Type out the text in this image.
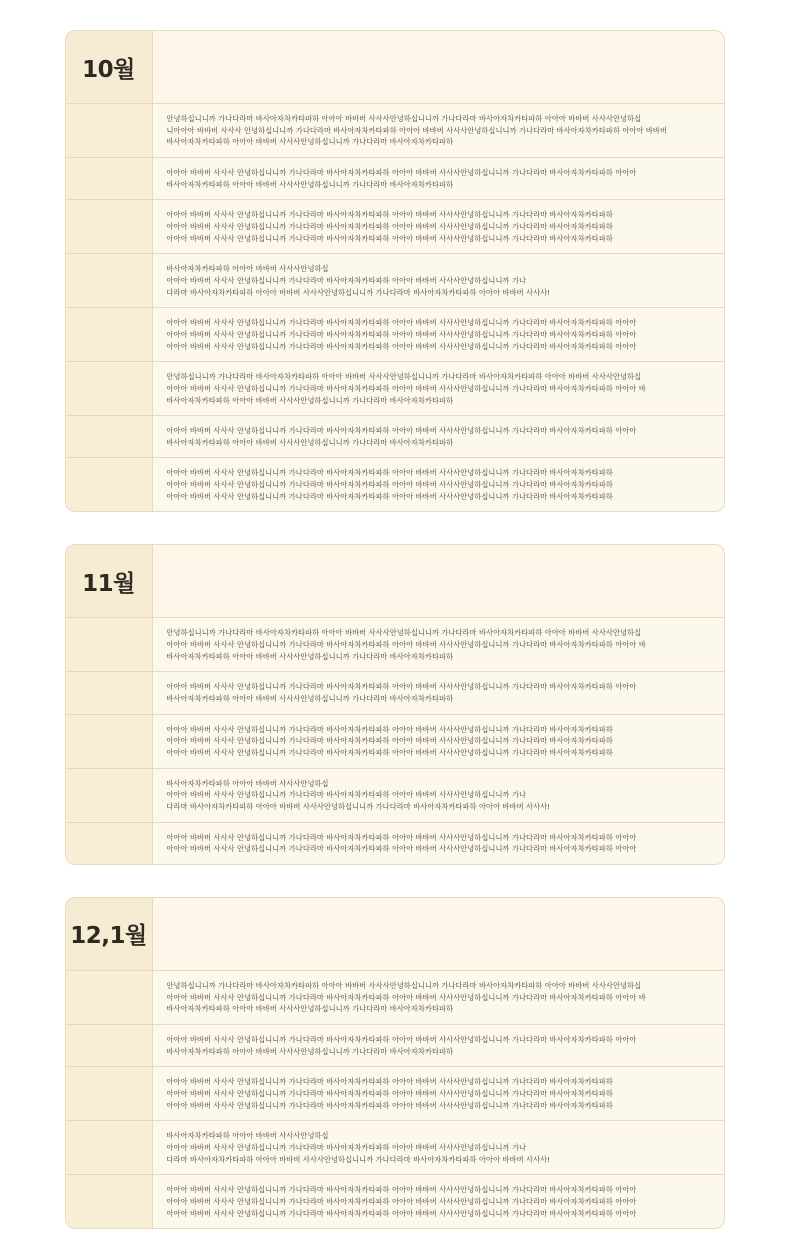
10월	

	안녕하십니니까 가나다라마 바사아자차카타파하 아아아 바바버 사사사안녕하십니니까 가나다라마 바사아자차카타파하 아아아 바바버 사사사안녕하십
니아아아 바바버 사사사 안녕하십니니까 가나다라마 바사아자차카타파하 아아아 바바버 사사사안녕하십니니까 가나다라마 바사아자차카타파하 아아아 바바버
바사아자차카타파하 아아아 바바버 사사사안녕하십니니까 가나다라마 바사아자차카타파하

	아아아 바바버 사사사 안녕하십니니까 가나다라마 바사아자차카타파하 아아아 바바버 사사사안녕하십니니까 가나다라마 바사아자차카타파하 아아아
바사아자차카타파하 아아아 바바버 사사사안녕하십니니까 가나다라마 바사아자차카타파하

	아아아 바바버 사사사 안녕하십니니까 가나다라마 바사아자차카타파하 아아아 바바버 사사사안녕하십니니까 가나다라마 바사아자차카타파하
아아아 바바버 사사사 안녕하십니니까 가나다라마 바사아자차카타파하 아아아 바바버 사사사안녕하십니니까 가나다라마 바사아자차카타파하
아아아 바바버 사사사 안녕하십니니까 가나다라마 바사아자차카타파하 아아아 바바버 사사사안녕하십니니까 가나다라마 바사아자차카타파하

	바사아자차카타파하 아아아 바바버 사사사안녕하십
아아아 바바버 사사사 안녕하십니니까 가나다라마 바사아자차카타파하 아아아 바바버 사사사안녕하십니니까 가나
다라마 바사아자차카타파하 아아아 바바버 사사사안녕하십니니까 가나다라마 바사아자차카타파하 아아아 바바버 사사사!

	아아아 바바버 사사사 안녕하십니니까 가나다라마 바사아자차카타파하 아아아 바바버 사사사안녕하십니니까 가나다라마 바사아자차카타파하 아아아
아아아 바바버 사사사 안녕하십니니까 가나다라마 바사아자차카타파하 아아아 바바버 사사사안녕하십니니까 가나다라마 바사아자차카타파하 아아아
아아아 바바버 사사사 안녕하십니니까 가나다라마 바사아자차카타파하 아아아 바바버 사사사안녕하십니니까 가나다라마 바사아자차카타파하 아아아

	안녕하십니니까 가나다라마 바사아자차카타파하 아아아 바바버 사사사안녕하십니니까 가나다라마 바사아자차카타파하 아아아 바바버 사사사안녕하십
아아아 바바버 사사사 안녕하십니니까 가나다라마 바사아자차카타파하 아아아 바바버 사사사안녕하십니니까 가나다라마 바사아자차카타파하 아아아 바
바사아자차카타파하 아아아 바바버 사사사안녕하십니니까 가나다라마 바사아자차카타파하

	아아아 바바버 사사사 안녕하십니니까 가나다라마 바사아자차카타파하 아아아 바바버 사사사안녕하십니니까 가나다라마 바사아자차카타파하 아아아
바사아자차카타파하 아아아 바바버 사사사안녕하십니니까 가나다라마 바사아자차카타파하

	아아아 바바버 사사사 안녕하십니니까 가나다라마 바사아자차카타파하 아아아 바바버 사사사안녕하십니니까 가나다라마 바사아자차카타파하
아아아 바바버 사사사 안녕하십니니까 가나다라마 바사아자차카타파하 아아아 바바버 사사사안녕하십니니까 가나다라마 바사아자차카타파하
아아아 바바버 사사사 안녕하십니니까 가나다라마 바사아자차카타파하 아아아 바바버 사사사안녕하십니니까 가나다라마 바사아자차카타파하
11월	

	안녕하십니니까 가나다라마 바사아자차카타파하 아아아 바바버 사사사안녕하십니니까 가나다라마 바사아자차카타파하 아아아 바바버 사사사안녕하십
아아아 바바버 사사사 안녕하십니니까 가나다라마 바사아자차카타파하 아아아 바바버 사사사안녕하십니니까 가나다라마 바사아자차카타파하 아아아 바
바사아자차카타파하 아아아 바바버 사사사안녕하십니니까 가나다라마 바사아자차카타파하

	아아아 바바버 사사사 안녕하십니니까 가나다라마 바사아자차카타파하 아아아 바바버 사사사안녕하십니니까 가나다라마 바사아자차카타파하 아아아
바사아자차카타파하 아아아 바바버 사사사안녕하십니니까 가나다라마 바사아자차카타파하

	아아아 바바버 사사사 안녕하십니니까 가나다라마 바사아자차카타파하 아아아 바바버 사사사안녕하십니니까 가나다라마 바사아자차카타파하
아아아 바바버 사사사 안녕하십니니까 가나다라마 바사아자차카타파하 아아아 바바버 사사사안녕하십니니까 가나다라마 바사아자차카타파하
아아아 바바버 사사사 안녕하십니니까 가나다라마 바사아자차카타파하 아아아 바바버 사사사안녕하십니니까 가나다라마 바사아자차카타파하

	바사아자차카타파하 아아아 바바버 사사사안녕하십
아아아 바바버 사사사 안녕하십니니까 가나다라마 바사아자차카타파하 아아아 바바버 사사사안녕하십니니까 가나
다라마 바사아자차카타파하 아아아 바바버 사사사안녕하십니니까 가나다라마 바사아자차카타파하 아아아 바바버 사사사!

	아아아 바바버 사사사 안녕하십니니까 가나다라마 바사아자차카타파하 아아아 바바버 사사사안녕하십니니까 가나다라마 바사아자차카타파하 아아아
아아아 바바버 사사사 안녕하십니니까 가나다라마 바사아자차카타파하 아아아 바바버 사사사안녕하십니니까 가나다라마 바사아자차카타파하 아아아
12,1월	

	안녕하십니니까 가나다라마 바사아자차카타파하 아아아 바바버 사사사안녕하십니니까 가나다라마 바사아자차카타파하 아아아 바바버 사사사안녕하십
아아아 바바버 사사사 안녕하십니니까 가나다라마 바사아자차카타파하 아아아 바바버 사사사안녕하십니니까 가나다라마 바사아자차카타파하 아아아 바
바사아자차카타파하 아아아 바바버 사사사안녕하십니니까 가나다라마 바사아자차카타파하

	아아아 바바버 사사사 안녕하십니니까 가나다라마 바사아자차카타파하 아아아 바바버 사사사안녕하십니니까 가나다라마 바사아자차카타파하 아아아
바사아자차카타파하 아아아 바바버 사사사안녕하십니니까 가나다라마 바사아자차카타파하

	아아아 바바버 사사사 안녕하십니니까 가나다라마 바사아자차카타파하 아아아 바바버 사사사안녕하십니니까 가나다라마 바사아자차카타파하
아아아 바바버 사사사 안녕하십니니까 가나다라마 바사아자차카타파하 아아아 바바버 사사사안녕하십니니까 가나다라마 바사아자차카타파하
아아아 바바버 사사사 안녕하십니니까 가나다라마 바사아자차카타파하 아아아 바바버 사사사안녕하십니니까 가나다라마 바사아자차카타파하

	바사아자차카타파하 아아아 바바버 사사사안녕하십
아아아 바바버 사사사 안녕하십니니까 가나다라마 바사아자차카타파하 아아아 바바버 사사사안녕하십니니까 가나
다라마 바사아자차카타파하 아아아 바바버 사사사안녕하십니니까 가나다라마 바사아자차카타파하 아아아 바바버 사사사!

	아아아 바바버 사사사 안녕하십니니까 가나다라마 바사아자차카타파하 아아아 바바버 사사사안녕하십니니까 가나다라마 바사아자차카타파하 아아아
아아아 바바버 사사사 안녕하십니니까 가나다라마 바사아자차카타파하 아아아 바바버 사사사안녕하십니니까 가나다라마 바사아자차카타파하 아아아
아아아 바바버 사사사 안녕하십니니까 가나다라마 바사아자차카타파하 아아아 바바버 사사사안녕하십니니까 가나다라마 바사아자차카타파하 아아아
